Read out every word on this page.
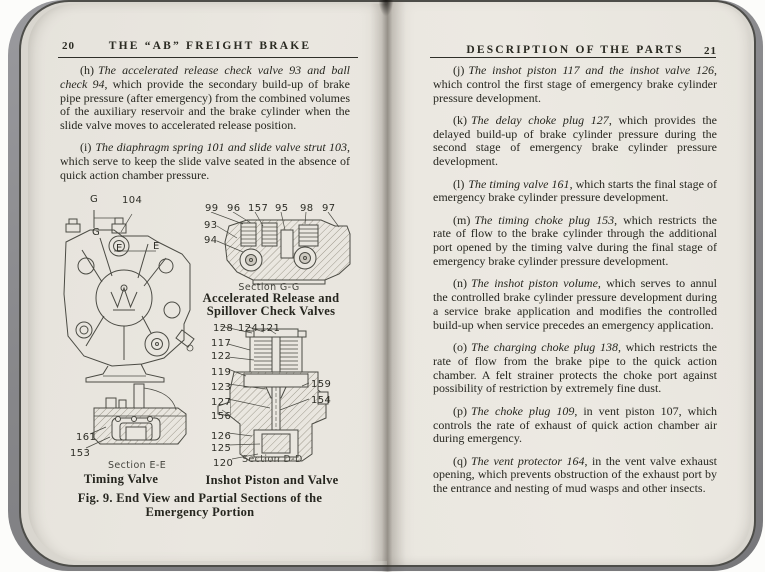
20	THE “AB” FREIGHT BRAKE

(h) The accelerated release check valve 93 and ball check 94, which provide the secondary build-up of brake pipe pressure (after emergency) from the combined volumes of the auxiliary reservoir and the brake cylinder when the slide valve moves to accelerated release position.

(i) The diaphragm spring 101 and slide valve strut 103, which serve to keep the slide valve seated in the absence of quick action chamber pressure.

G 104
G
E	E
99 96 157 95 98 97
93
94
Section G-G
Accelerated Release and
Spillover Check Valves
128 124 121
117
122
119
123
127
156
126
125
120
159
154
Section D-D
Inshot Piston and Valve
161
153
Section E-E
Timing Valve
Fig. 9. End View and Partial Sections of the
Emergency Portion
DESCRIPTION OF THE PARTS	21

(j) The inshot piston 117 and the inshot valve 126, which control the first stage of emergency brake cylinder pressure development.

(k) The delay choke plug 127, which provides the delayed build-up of brake cylinder pressure during the second stage of emergency brake cylinder pressure development.

(l) The timing valve 161, which starts the final stage of emergency brake cylinder pressure development.

(m) The timing choke plug 153, which restricts the rate of flow to the brake cylinder through the additional port opened by the timing valve during the final stage of emergency brake cylinder pressure development.

(n) The inshot piston volume, which serves to annul the controlled brake cylinder pressure development during a service brake application and modifies the controlled build-up when service precedes an emergency application.

(o) The charging choke plug 138, which restricts the rate of flow from the brake pipe to the quick action chamber. A felt strainer protects the choke port against possibility of restriction by extremely fine dust.

(p) The choke plug 109, in vent piston 107, which controls the rate of exhaust of quick action chamber air during emergency.

(q) The vent protector 164, in the vent valve exhaust opening, which prevents obstruction of the exhaust port by the entrance and nesting of mud wasps and other insects.
